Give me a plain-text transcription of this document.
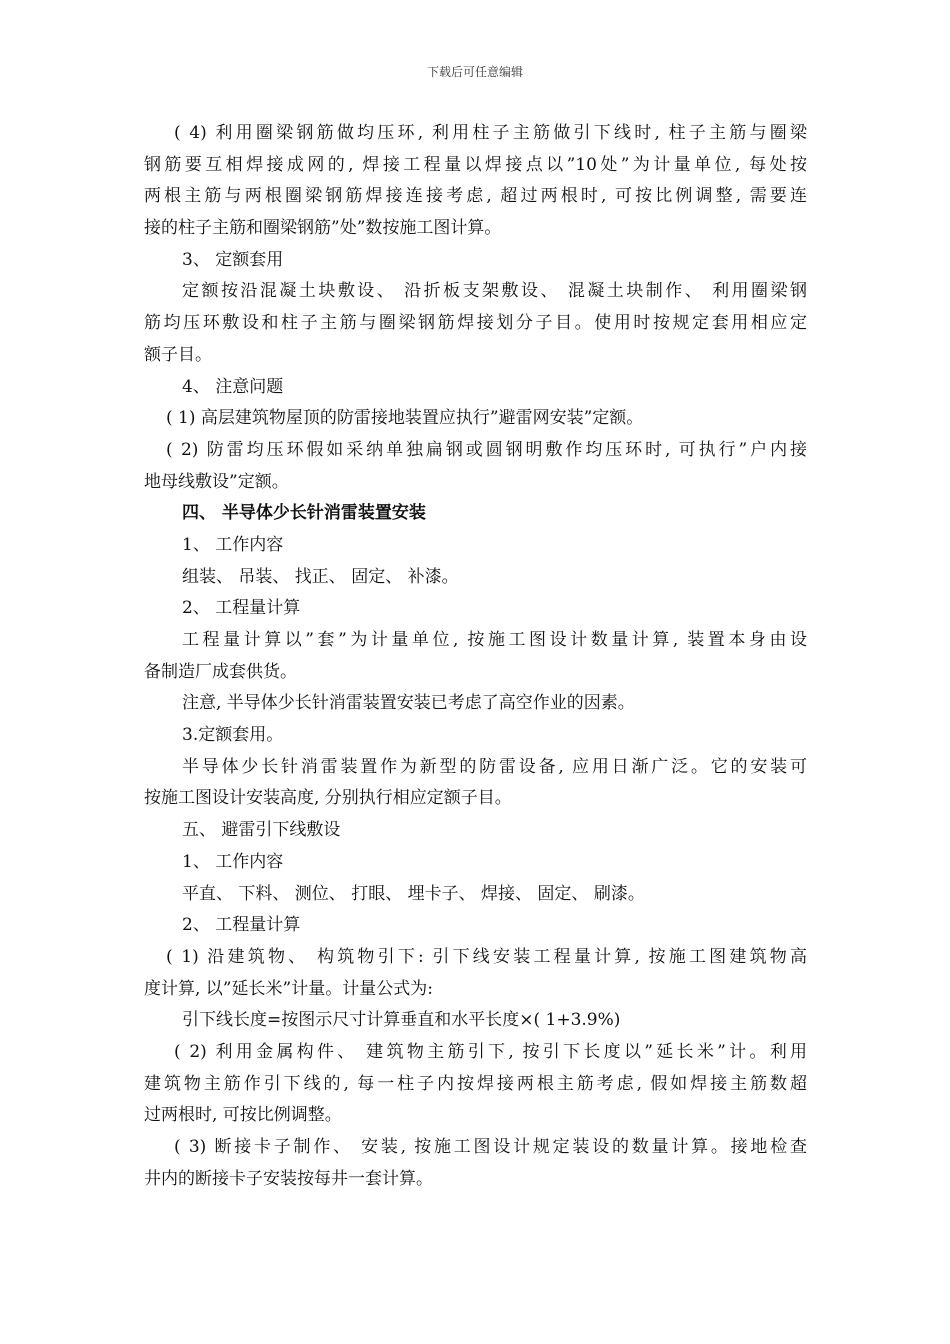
下载后可任意编辑
( 4) 利用圈梁钢筋做均压环, 利用柱子主筋做引下线时, 柱子主筋与圈梁
钢筋要互相焊接成网的, 焊接工程量以焊接点以”10处”为计量单位, 每处按
两根主筋与两根圈梁钢筋焊接连接考虑, 超过两根时, 可按比例调整, 需要连
接的柱子主筋和圈梁钢筋”处”数按施工图计算。
3、 定额套用
定额按沿混凝土块敷设、 沿折板支架敷设、 混凝土块制作、 利用圈梁钢
筋均压环敷设和柱子主筋与圈梁钢筋焊接划分子目。使用时按规定套用相应定
额子目。
4、 注意问题
( 1) 高层建筑物屋顶的防雷接地装置应执行”避雷网安装”定额。
( 2) 防雷均压环假如采纳单独扁钢或圆钢明敷作均压环时, 可执行”户内接
地母线敷设”定额。
四、 半导体少长针消雷装置安装
1、 工作内容
组装、 吊装、 找正、 固定、 补漆。
2、 工程量计算
工程量计算以”套”为计量单位, 按施工图设计数量计算, 装置本身由设
备制造厂成套供货。
注意, 半导体少长针消雷装置安装已考虑了高空作业的因素。
3.定额套用。
半导体少长针消雷装置作为新型的防雷设备, 应用日渐广泛。它的安装可
按施工图设计安装高度, 分别执行相应定额子目。
五、 避雷引下线敷设
1、 工作内容
平直、 下料、 测位、 打眼、 埋卡子、 焊接、 固定、 刷漆。
2、 工程量计算
( 1) 沿建筑物、 构筑物引下: 引下线安装工程量计算, 按施工图建筑物高
度计算, 以”延长米”计量。计量公式为:
引下线长度=按图示尺寸计算垂直和水平长度×( 1+3.9%)
( 2) 利用金属构件、 建筑物主筋引下, 按引下长度以”延长米”计。利用
建筑物主筋作引下线的, 每一柱子内按焊接两根主筋考虑, 假如焊接主筋数超
过两根时, 可按比例调整。
( 3) 断接卡子制作、 安装, 按施工图设计规定装设的数量计算。接地检查
井内的断接卡子安装按每井一套计算。
